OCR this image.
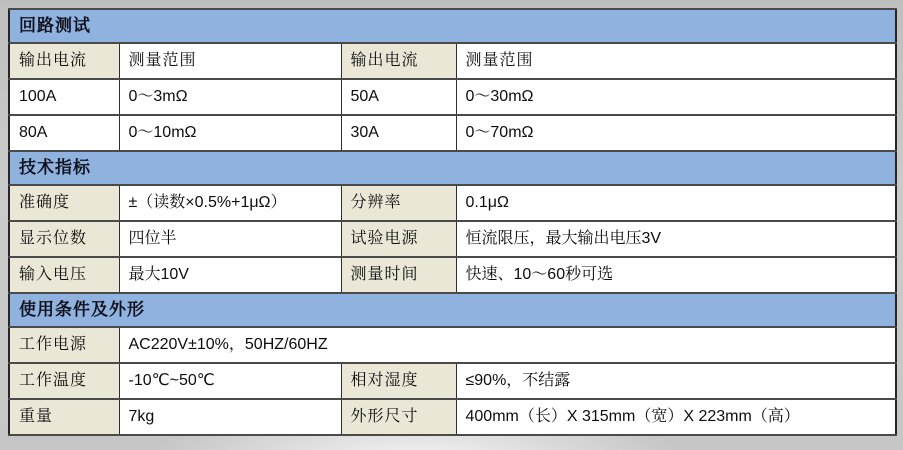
回路测试			
输出电流	测量范围	输出电流	测量范围
100A	0～3mΩ	50A	0～30mΩ
80A	0～10mΩ	30A	0～70mΩ
技术指标			
准确度	±（读数×0.5%+1μΩ）	分辨率	0.1μΩ
显示位数	四位半	试验电源	恒流限压，最大输出电压3V
输入电压	最大10V	测量时间	快速、10～60秒可选
使用条件及外形			
工作电源	AC220V±10%，50HZ/60HZ		
工作温度	-10℃~50℃	相对湿度	≤90%，不结露
重量	7kg	外形尺寸	400mm（长）X 315mm（宽）X 223mm（高）
